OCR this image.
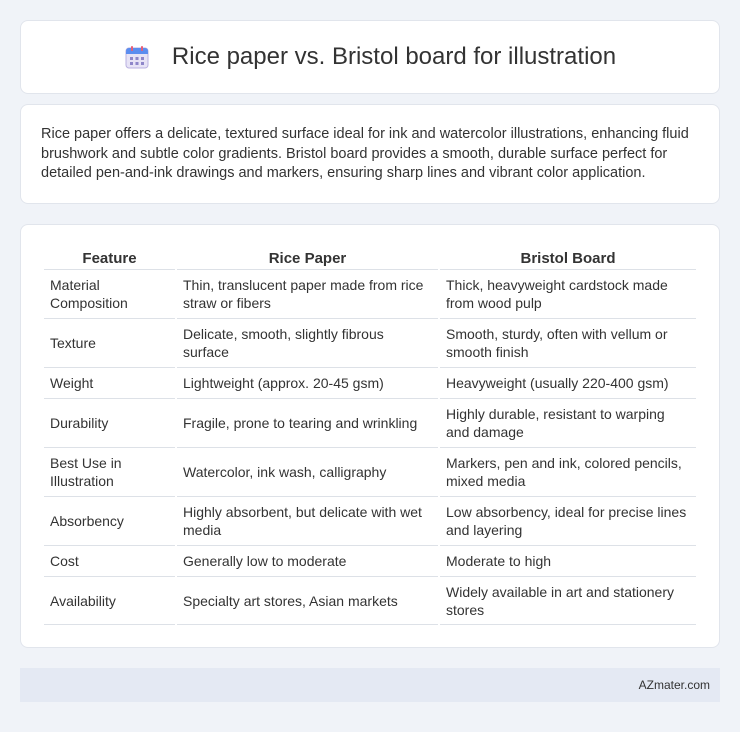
Rice paper vs. Bristol board for illustration

Rice paper offers a delicate, textured surface ideal for ink and watercolor illustrations, enhancing fluid brushwork and subtle color gradients. Bristol board provides a smooth, durable surface perfect for detailed pen-and-ink drawings and markers, ensuring sharp lines and vibrant color application.

Feature	Rice Paper	Bristol Board
Material Composition	Thin, translucent paper made from rice straw or fibers	Thick, heavyweight cardstock made from wood pulp
Texture	Delicate, smooth, slightly fibrous surface	Smooth, sturdy, often with vellum or smooth finish
Weight	Lightweight (approx. 20-45 gsm)	Heavyweight (usually 220-400 gsm)
Durability	Fragile, prone to tearing and wrinkling	Highly durable, resistant to warping and damage
Best Use in Illustration	Watercolor, ink wash, calligraphy	Markers, pen and ink, colored pencils, mixed media
Absorbency	Highly absorbent, but delicate with wet media	Low absorbency, ideal for precise lines and layering
Cost	Generally low to moderate	Moderate to high
Availability	Specialty art stores, Asian markets	Widely available in art and stationery stores
AZmater.com
